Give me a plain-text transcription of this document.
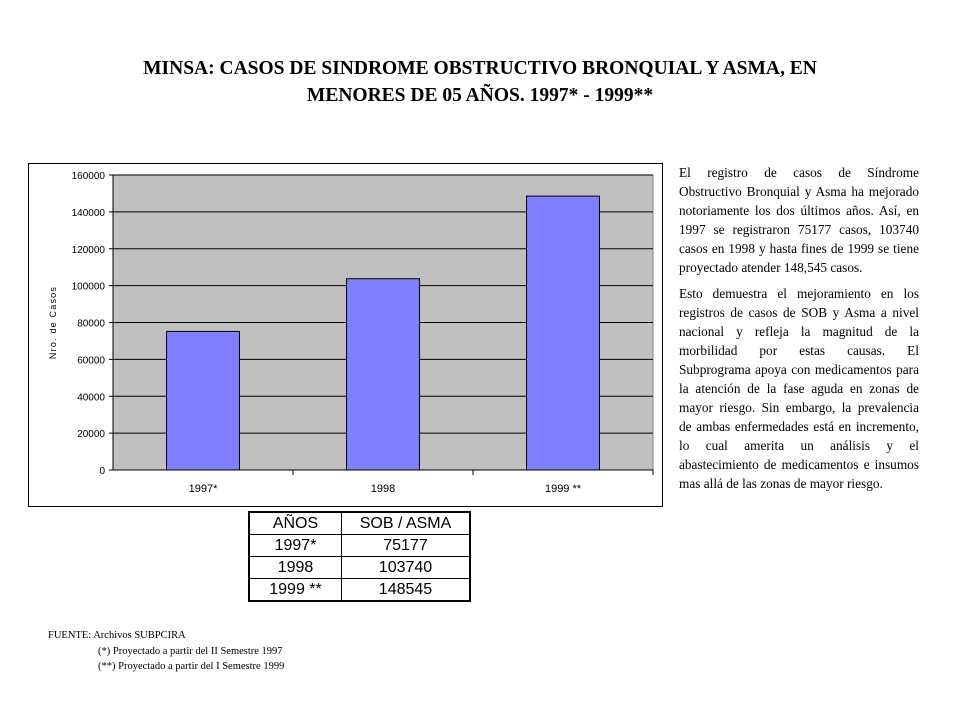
MINSA: CASOS DE SINDROME OBSTRUCTIVO BRONQUIAL Y ASMA, EN
MENORES DE 05 AÑOS. 1997* - 1999**
0
20000
40000
60000
80000
100000
120000
140000
160000
1997*	1998	1999 **
Nro. de Casos
AÑOS	SOB / ASMA
1997*	75177
1998	103740
1999 **	148545

El registro de casos de Síndrome Obstructivo Bronquial y Asma ha mejorado notoriamente los dos últimos años. Así, en 1997 se registraron 75177 casos, 103740 casos en 1998 y hasta fines de 1999 se tiene proyectado atender 148,545 casos.

Esto demuestra el mejoramiento en los registros de casos de SOB y Asma a nivel nacional y refleja la magnitud de la morbilidad por estas causas. El Subprograma apoya con medicamentos para la atención de la fase aguda en zonas de mayor riesgo. Sin embargo, la prevalencia de ambas enfermedades está en incremento, lo cual amerita un análisis y el abastecimiento de medicamentos e insumos mas allá de las zonas de mayor riesgo.

FUENTE: Archivos SUBPCIRA
(*) Proyectado a partir del II Semestre 1997
(**) Proyectado a partir del I Semestre 1999
